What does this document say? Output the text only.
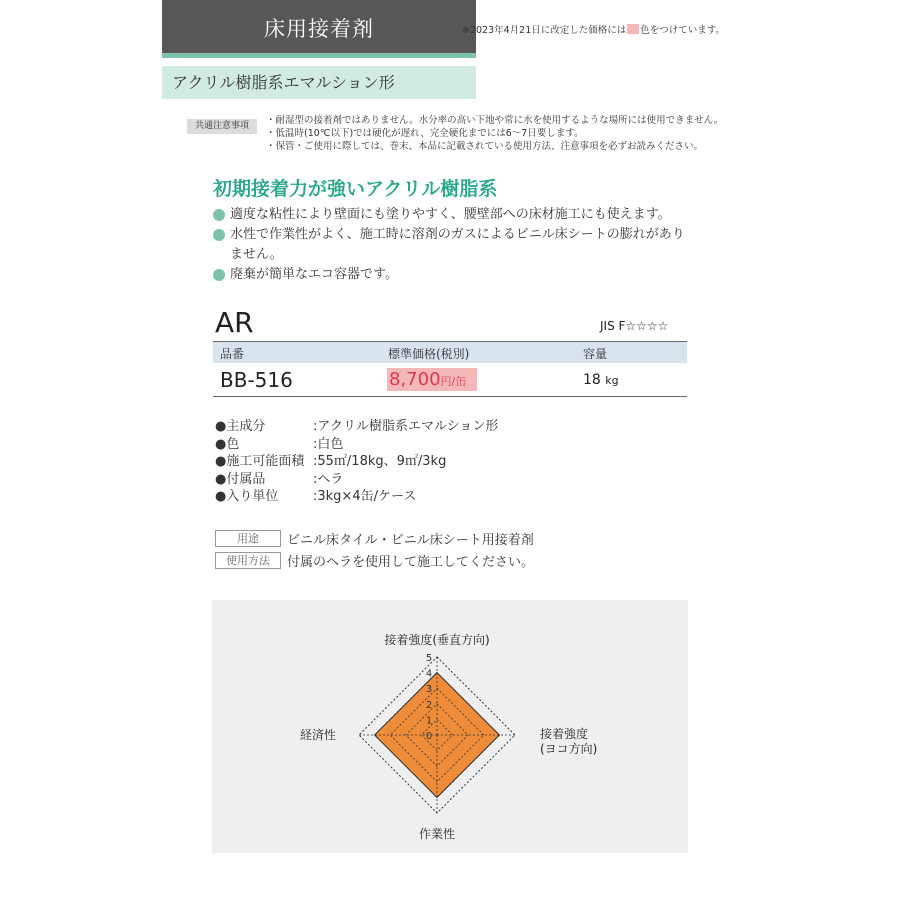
床用接着剤	※2023年4月21日に改定した価格には 色をつけています。
アクリル樹脂系エマルション形
共通注意事項	・耐湿型の接着剤ではありません。水分率の高い下地や常に水を使用するような場所には使用できません。
・低温時(10℃以下)では硬化が遅れ、完全硬化までには6〜7日要します。
・保管・ご使用に際しては、巻末、本品に記載されている使用方法、注意事項を必ずお読みください。
初期接着力が強いアクリル樹脂系
適度な粘性により壁面にも塗りやすく、腰壁部への床材施工にも使えます。
水性で作業性がよく、施工時に溶剤のガスによるビニル床シートの膨れがありません。
廃棄が簡単なエコ容器です。
AR	JIS F☆☆☆☆
品番	標準価格(税別)	容量
BB-516	8,700円/缶	18 kg
●主成分	:アクリル樹脂系エマルション形
●色	:白色
●施工可能面積 :55㎡/18kg、9㎡/3kg
●付属品	:ヘラ
●入り単位	:3kg×4缶/ケース
用途	ビニル床タイル・ビニル床シート用接着剤
使用方法	付属のヘラを使用して施工してください。
0
1
2
3
4
5
接着強度(垂直方向)
接着強度
(ヨコ方向)
作業性
経済性
